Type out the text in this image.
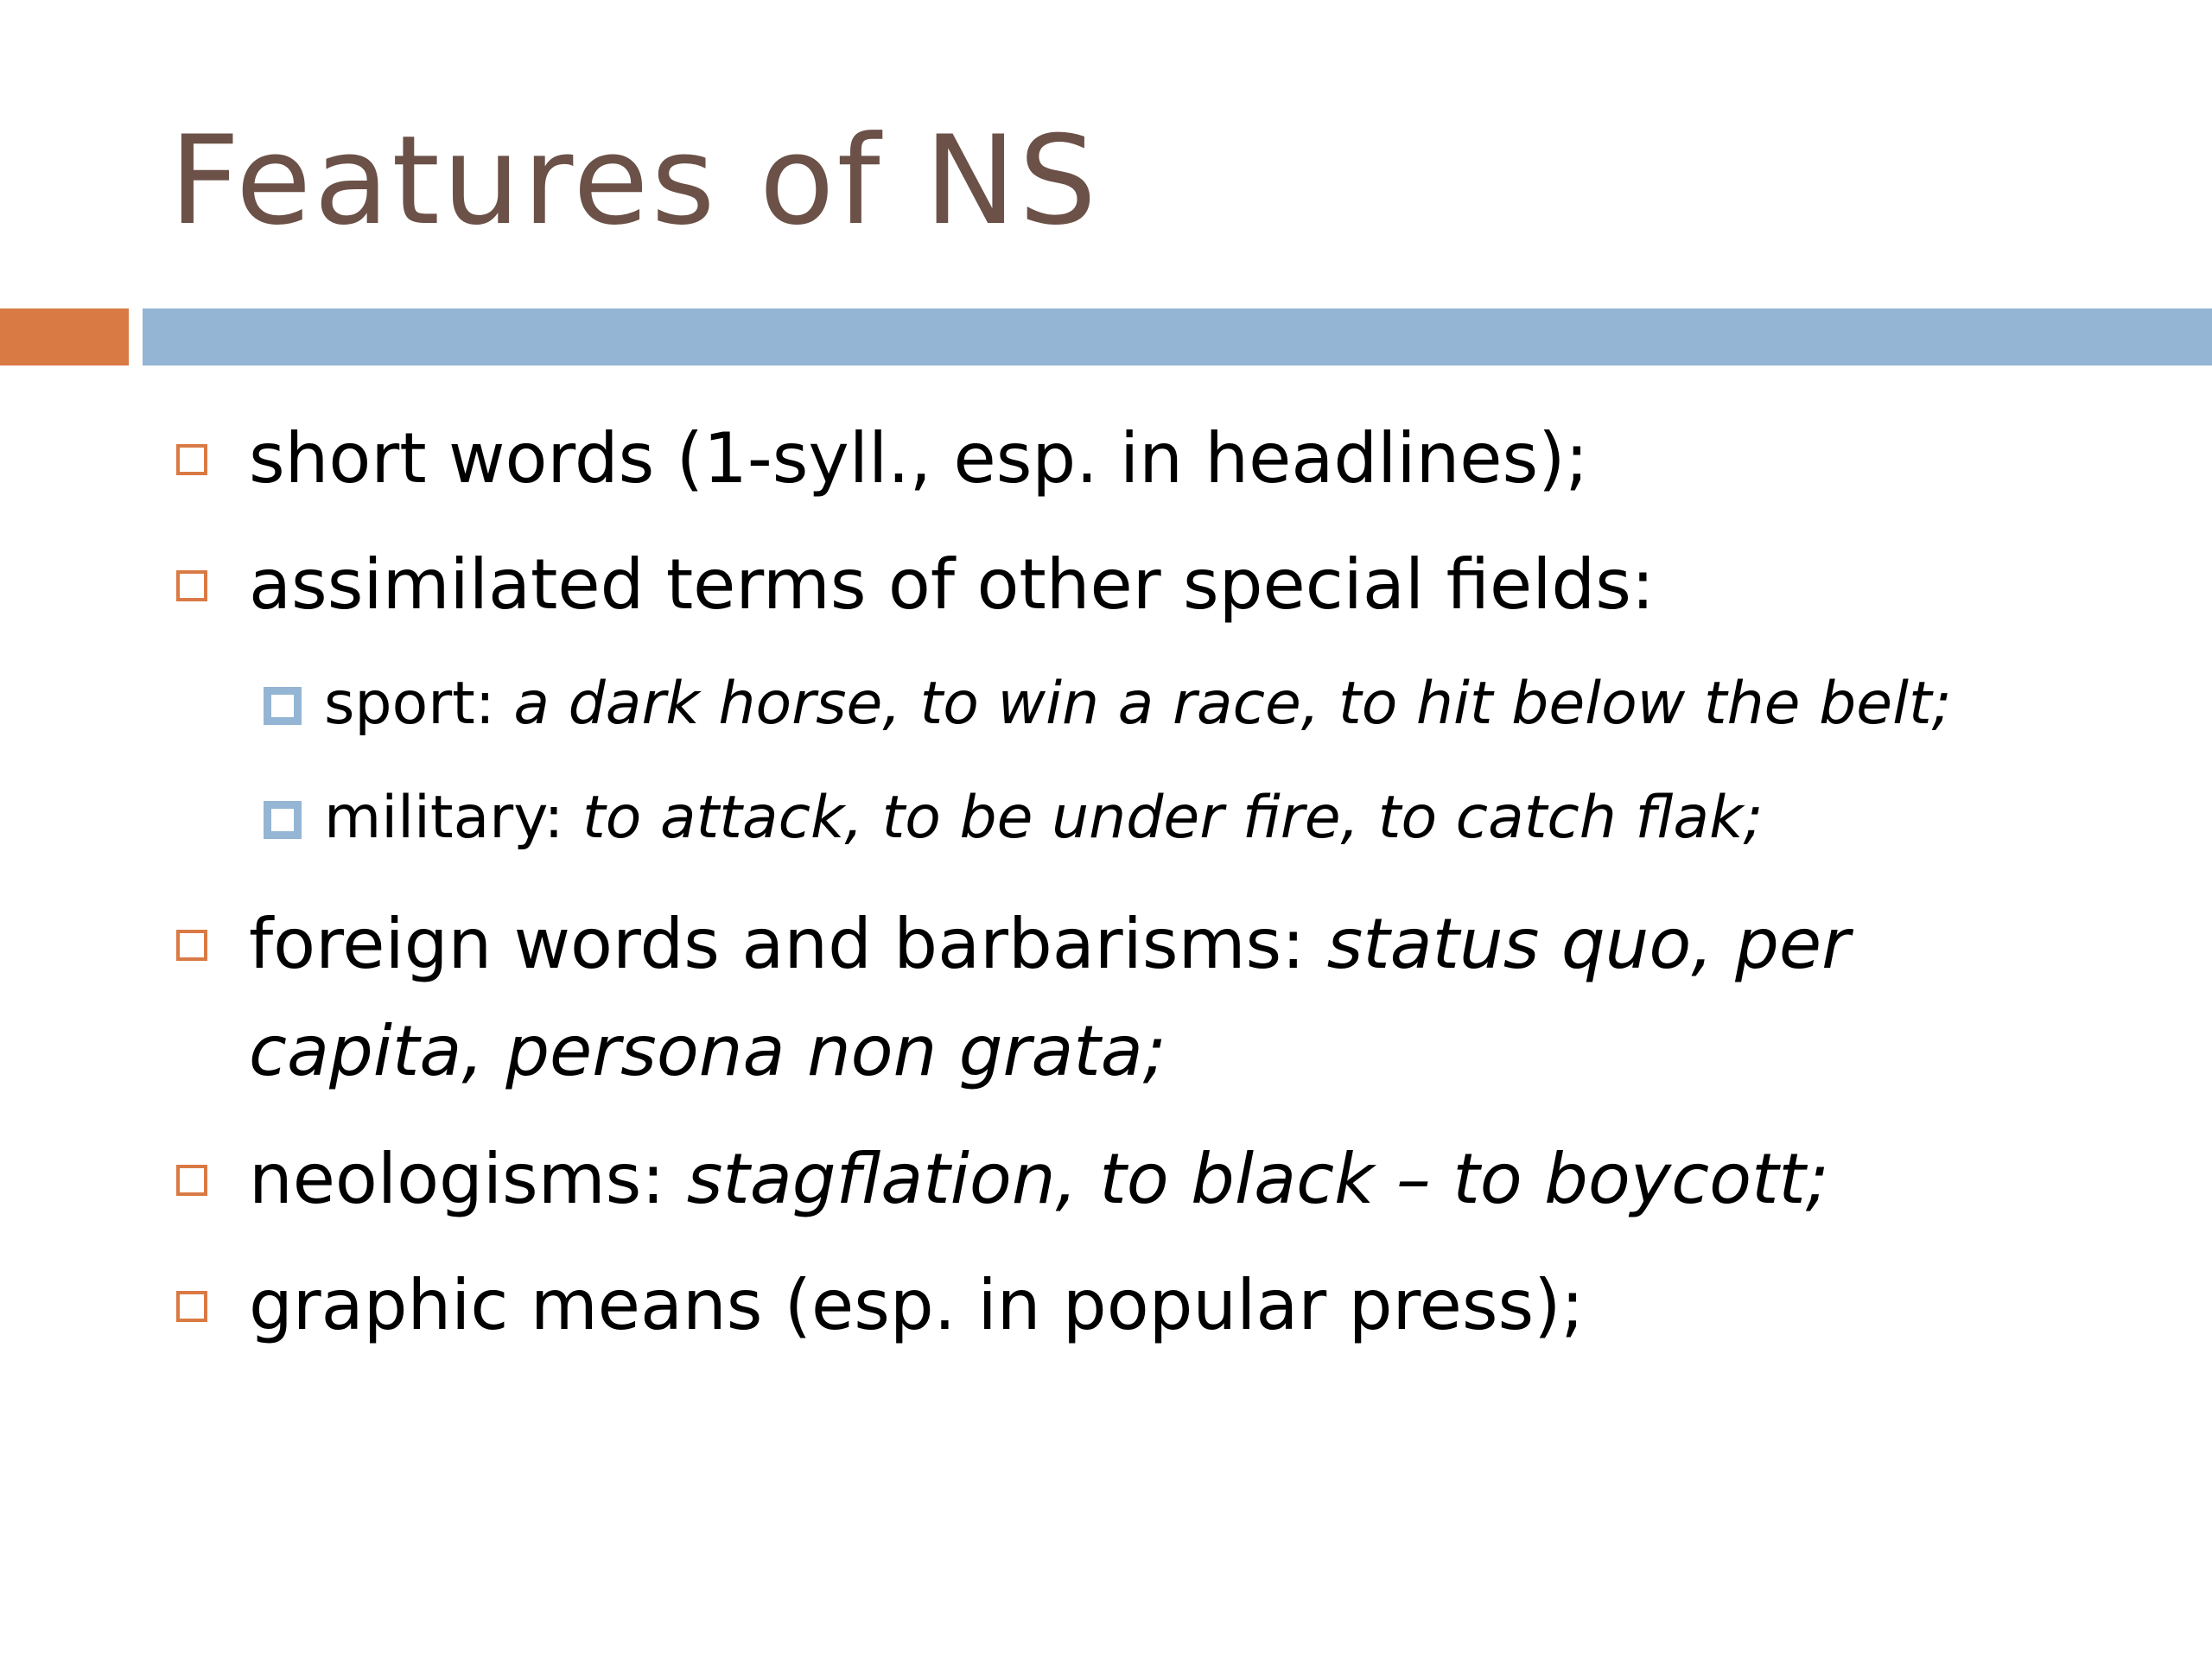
Features of NS
short words (1-syll., esp. in headlines);
assimilated terms of other special fields:
sport: a dark horse, to win a race, to hit below the belt;
military: to attack, to be under fire, to catch flak;
foreign words and barbarisms: status quo, per
capita, persona non grata;
neologisms: stagflation, to black – to boycott;
graphic means (esp. in popular press);
